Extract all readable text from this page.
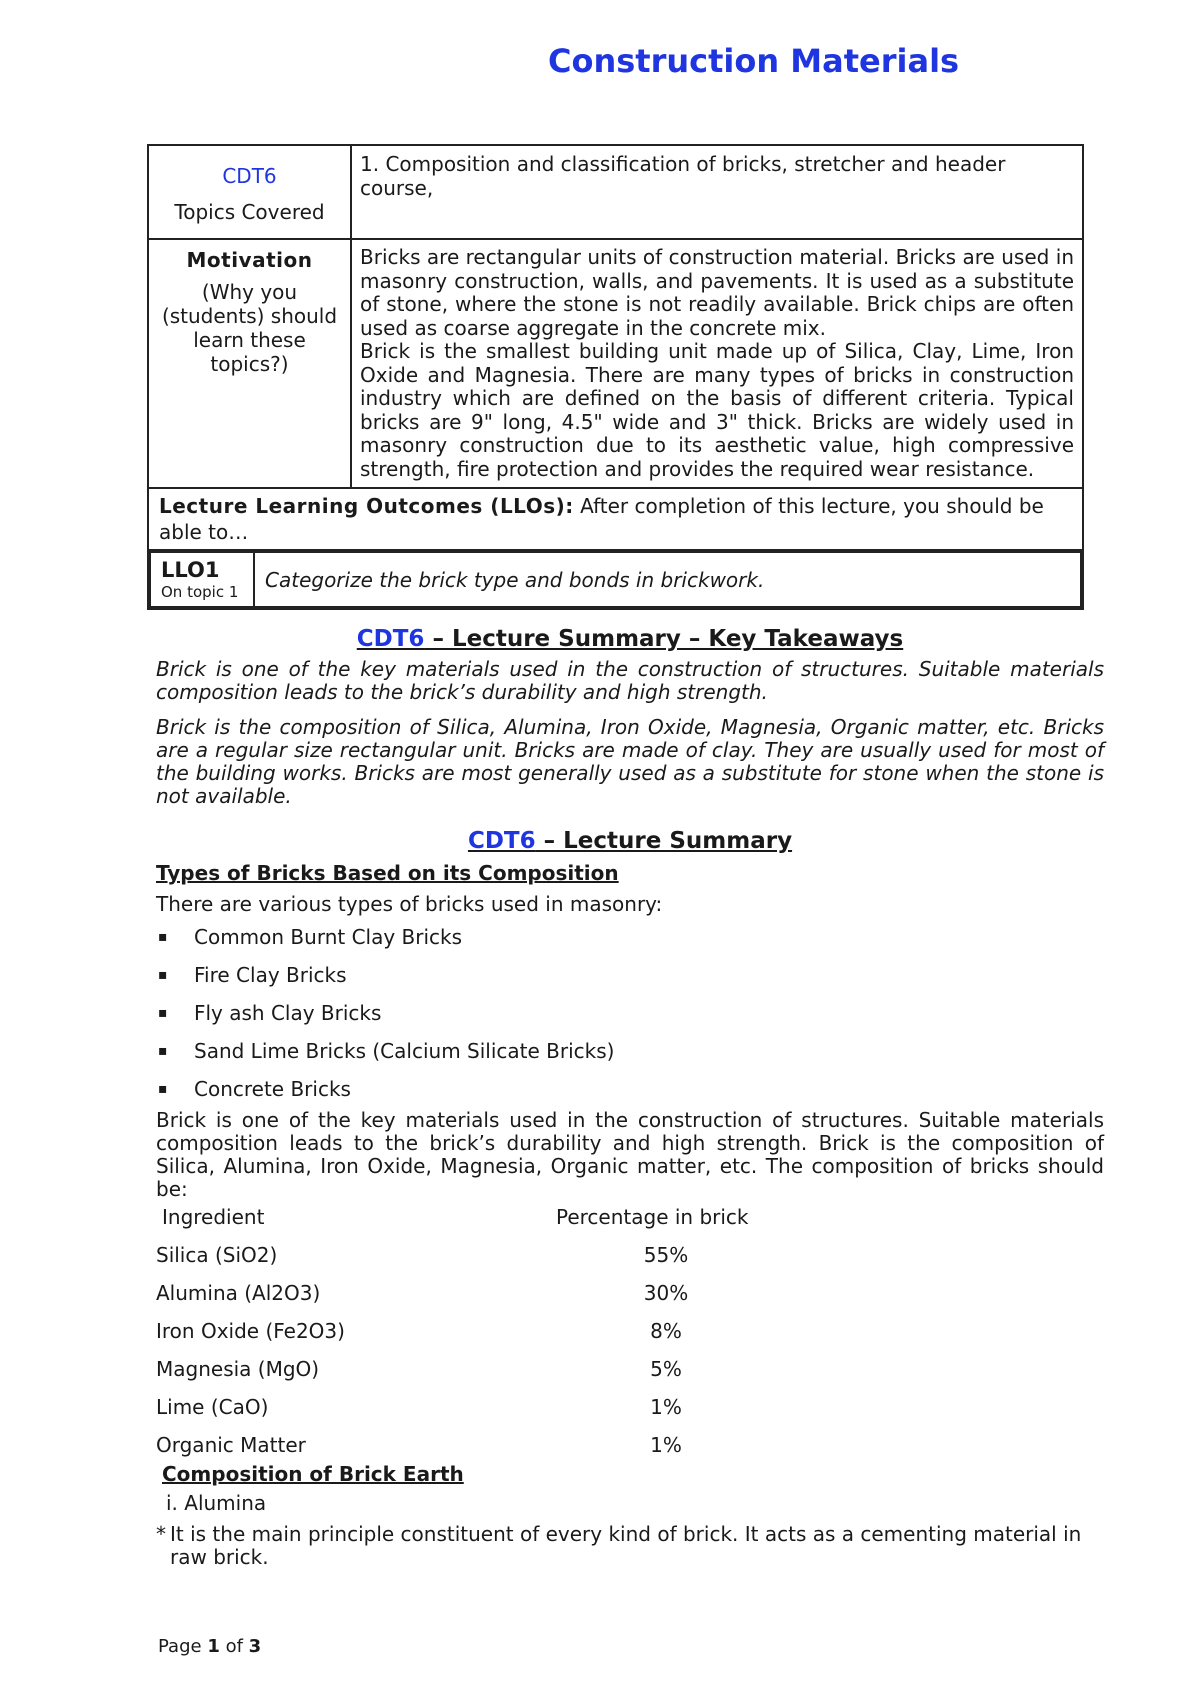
Construction Materials
CDT6
Topics Covered
	1. Composition and classification of bricks, stretcher and header course,

Motivation
(Why you (students) should learn these topics?)

Bricks are rectangular units of construction material. Bricks are used in masonry construction, walls, and pavements. It is used as a substitute of stone, where the stone is not readily available. Brick chips are often used as coarse aggregate in the concrete mix.
Brick is the smallest building unit made up of Silica, Clay, Lime, Iron Oxide and Magnesia. There are many types of bricks in construction industry which are defined on the basis of different criteria. Typical bricks are 9" long, 4.5" wide and 3" thick. Bricks are widely used in masonry construction due to its aesthetic value, high compressive strength, fire protection and provides the required wear resistance.

Lecture Learning Outcomes (LLOs): After completion of this lecture, you should be able to…

LLO1
On topic 1
	Categorize the brick type and bonds in brickwork.
CDT6 – Lecture Summary – Key Takeaways

Brick is one of the key materials used in the construction of structures. Suitable materials composition leads to the brick’s durability and high strength.

Brick is the composition of Silica, Alumina, Iron Oxide, Magnesia, Organic matter, etc. Bricks are a regular size rectangular unit. Bricks are made of clay. They are usually used for most of the building works. Bricks are most generally used as a substitute for stone when the stone is not available.

CDT6 – Lecture Summary
Types of Bricks Based on its Composition
There are various types of bricks used in masonry:
▪ Common Burnt Clay Bricks
▪ Fire Clay Bricks
▪ Fly ash Clay Bricks
▪ Sand Lime Bricks (Calcium Silicate Bricks)
▪ Concrete Bricks

Brick is one of the key materials used in the construction of structures. Suitable materials composition leads to the brick’s durability and high strength. Brick is the composition of Silica, Alumina, Iron Oxide, Magnesia, Organic matter, etc. The composition of bricks should be:

Ingredient	Percentage in brick
Silica (SiO2)	55%
Alumina (Al2O3)	30%
Iron Oxide (Fe2O3)	8%
Magnesia (MgO)	5%
Lime (CaO)	1%
Organic Matter	1%
Composition of Brick Earth
i. Alumina
* It is the main principle constituent of every kind of brick. It acts as a cementing material in raw brick.
Page 1 of 3
